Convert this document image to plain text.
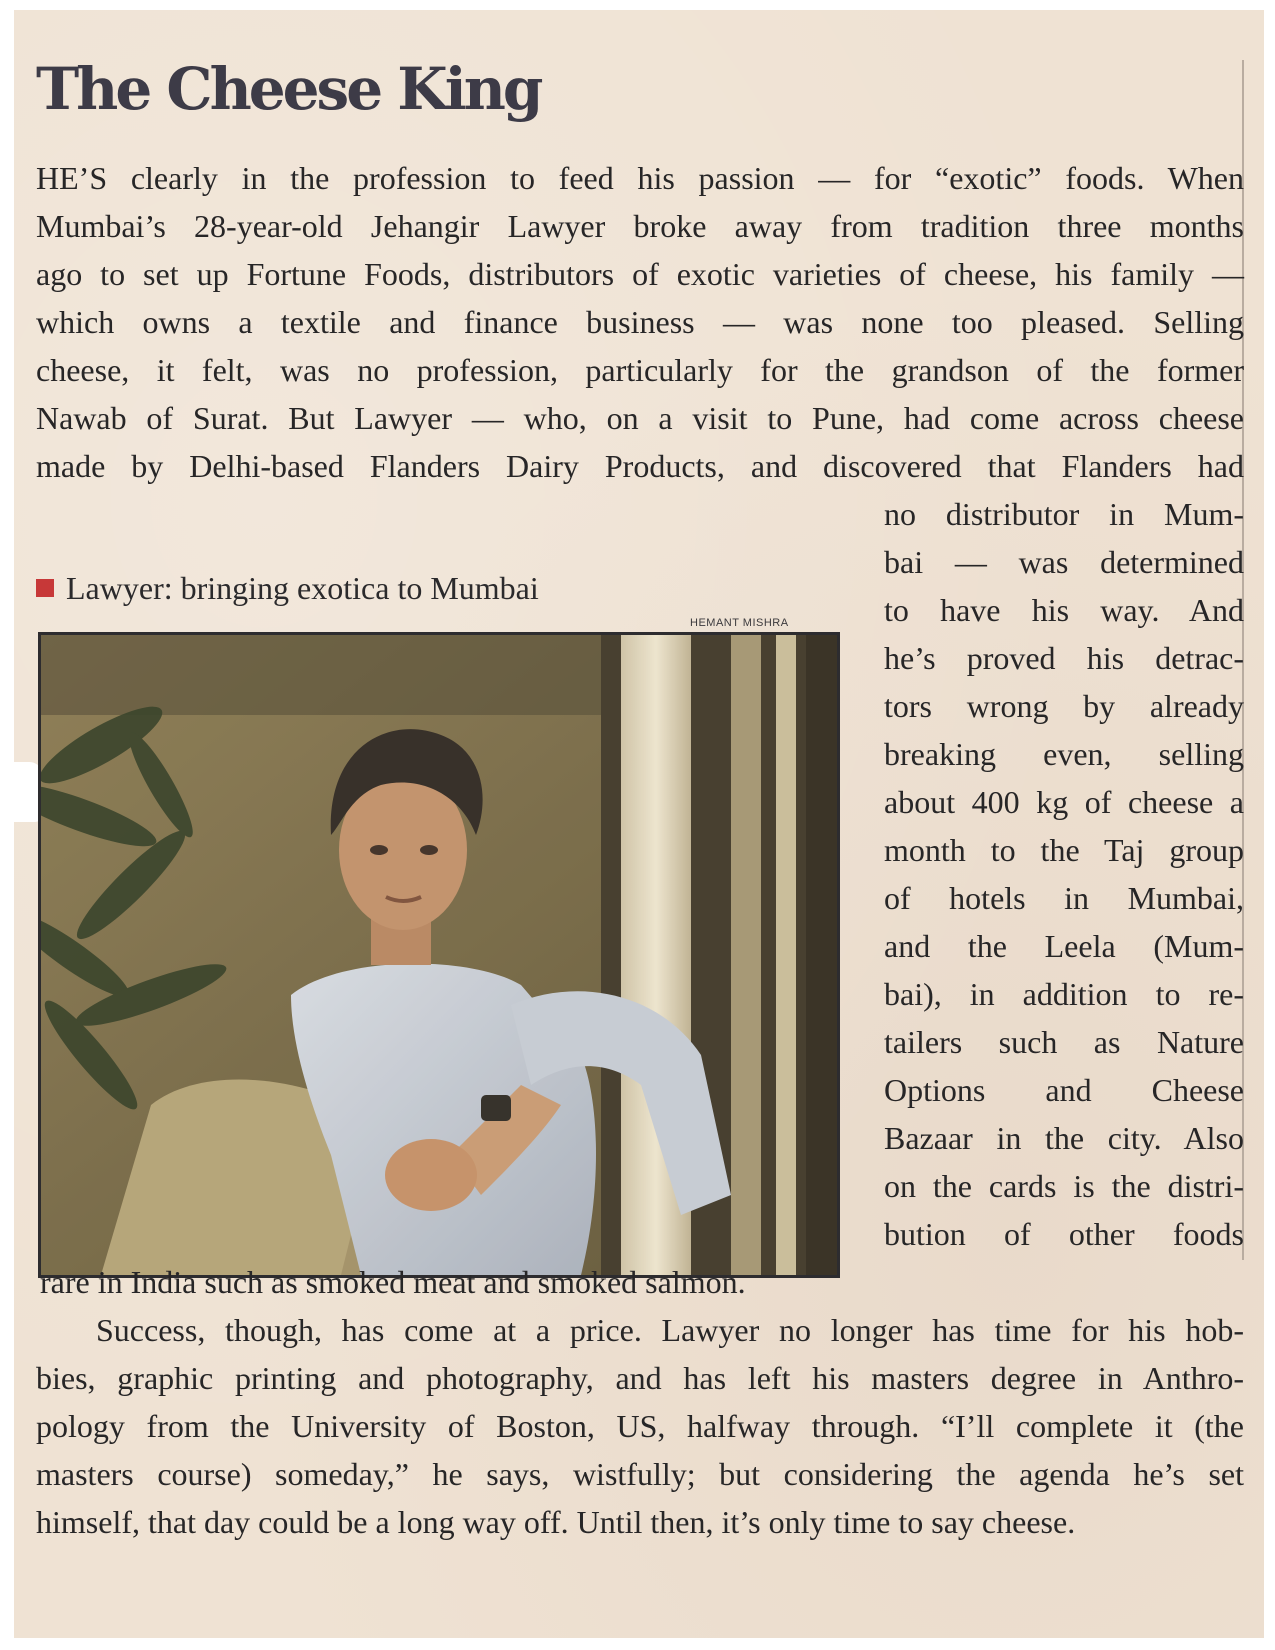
The Cheese King
HE’S clearly in the profession to feed his passion — for “exotic” foods. When
Mumbai’s 28-year-old Jehangir Lawyer broke away from tradition three months
ago to set up Fortune Foods, distributors of exotic varieties of cheese, his family —
which owns a textile and finance business — was none too pleased. Selling
cheese, it felt, was no profession, particularly for the grandson of the former
Nawab of Surat. But Lawyer — who, on a visit to Pune, had come across cheese
made by Delhi-based Flanders Dairy Products, and discovered that Flanders had
Lawyer: bringing exotica to Mumbai
HEMANT MISHRA
no distributor in Mum-
bai — was determined
to have his way. And
he’s proved his detrac-
tors wrong by already
breaking even, selling
about 400 kg of cheese a
month to the Taj group
of hotels in Mumbai,
and the Leela (Mum-
bai), in addition to re-
tailers such as Nature
Options and Cheese
Bazaar in the city. Also
on the cards is the distri-
bution of other foods
rare in India such as smoked meat and smoked salmon.
Success, though, has come at a price. Lawyer no longer has time for his hob-
bies, graphic printing and photography, and has left his masters degree in Anthro-
pology from the University of Boston, US, halfway through. “I’ll complete it (the
masters course) someday,” he says, wistfully; but considering the agenda he’s set
himself, that day could be a long way off. Until then, it’s only time to say cheese.
